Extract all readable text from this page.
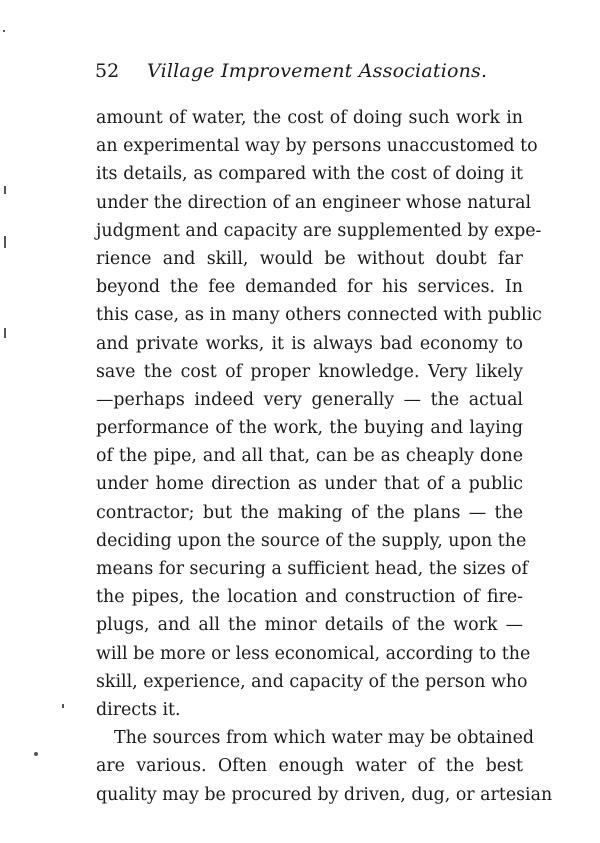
52 Village Improvement Associations.
amount of water, the cost of doing such work in
an experimental way by persons unaccustomed to
its details, as compared with the cost of doing it
under the direction of an engineer whose natural
judgment and capacity are supplemented by expe-
rience and skill, would be without doubt far
beyond the fee demanded for his services. In
this case, as in many others connected with public
and private works, it is always bad economy to
save the cost of proper knowledge. Very likely
—perhaps indeed very generally — the actual
performance of the work, the buying and laying
of the pipe, and all that, can be as cheaply done
under home direction as under that of a public
contractor; but the making of the plans — the
deciding upon the source of the supply, upon the
means for securing a sufficient head, the sizes of
the pipes, the location and construction of fire-
plugs, and all the minor details of the work —
will be more or less economical, according to the
skill, experience, and capacity of the person who
directs it.
The sources from which water may be obtained
are various. Often enough water of the best
quality may be procured by driven, dug, or artesian
